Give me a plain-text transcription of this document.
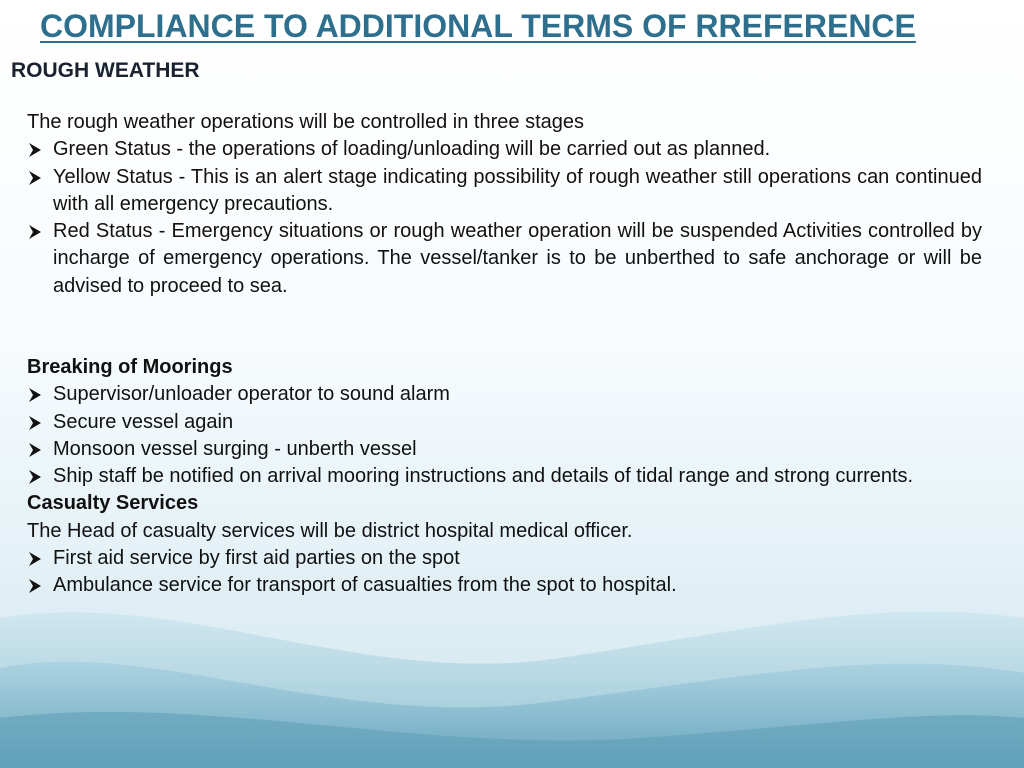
COMPLIANCE TO ADDITIONAL TERMS OF RREFERENCE
ROUGH WEATHER

The rough weather operations will be controlled in three stages

Green Status - the operations of loading/unloading will be carried out as planned.
Yellow Status - This is an alert stage indicating possibility of rough weather still operations can continued with all emergency precautions.
Red Status - Emergency situations or rough weather operation will be suspended Activities controlled by incharge of emergency operations. The vessel/tanker is to be unberthed to safe anchorage or will be advised to proceed to sea.

Breaking of Moorings

Supervisor/unloader operator to sound alarm
Secure vessel again
Monsoon vessel surging - unberth vessel
Ship staff be notified on arrival mooring instructions and details of tidal range and strong currents.

Casualty Services

The Head of casualty services will be district hospital medical officer.

First aid service by first aid parties on the spot
Ambulance service for transport of casualties from the spot to hospital.
